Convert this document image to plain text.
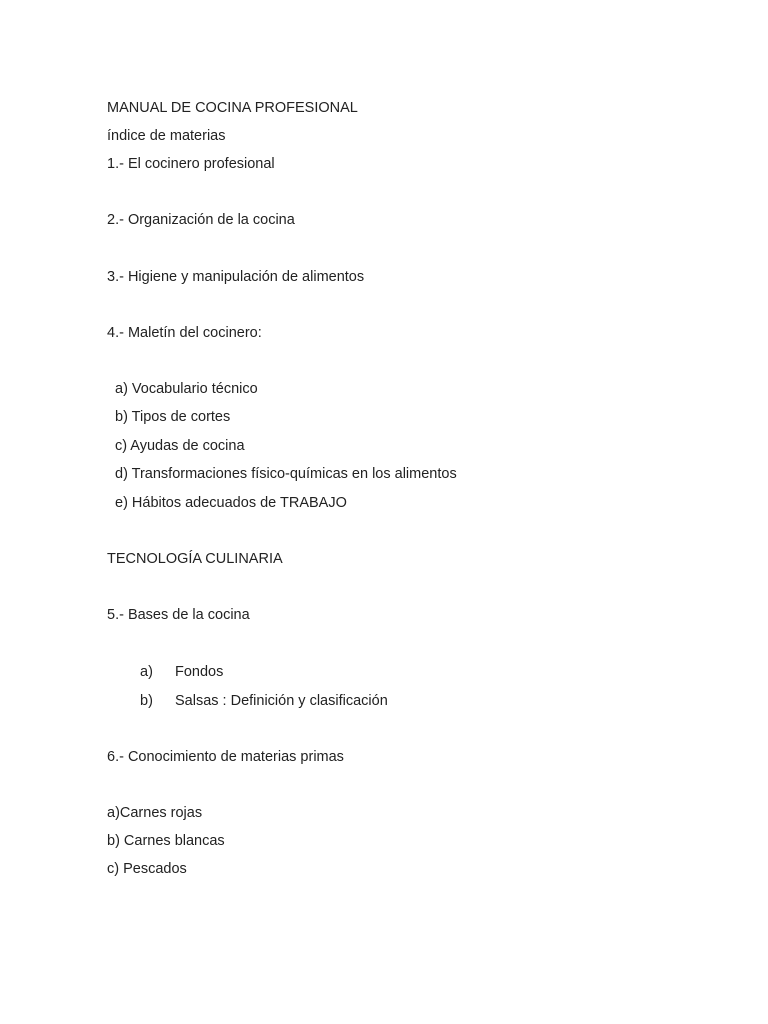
MANUAL DE COCINA PROFESIONAL
índice de materias
1.- El cocinero profesional
2.- Organización de la cocina
3.- Higiene y manipulación de alimentos
4.- Maletín del cocinero:
a) Vocabulario técnico
b) Tipos de cortes
c) Ayudas de cocina
d) Transformaciones físico-químicas en los alimentos
e) Hábitos adecuados de TRABAJO
TECNOLOGÍA CULINARIA
5.- Bases de la cocina
a) Fondos
b) Salsas : Definición y clasificación
6.- Conocimiento de materias primas
a)Carnes rojas
b) Carnes blancas
c) Pescados
